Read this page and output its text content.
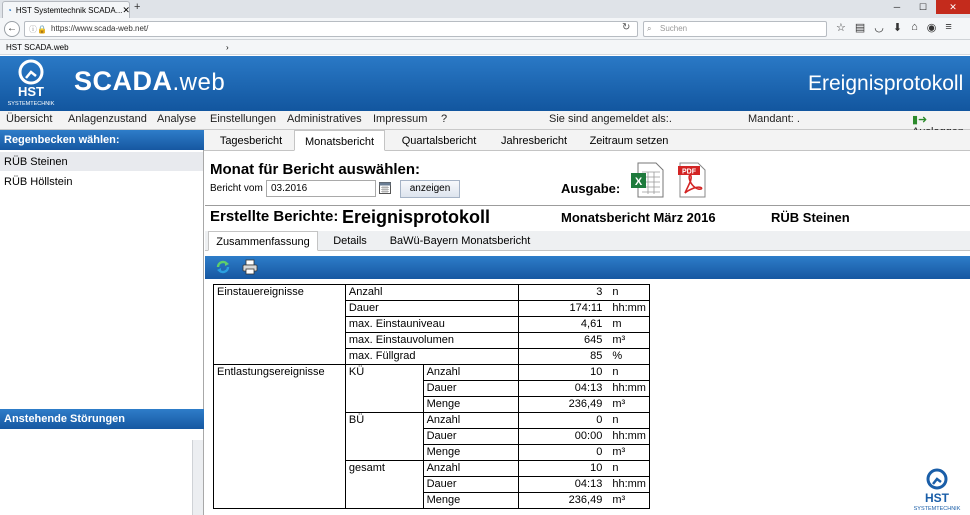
◔ HST Systemtechnik SCADA... ✕ +	─	☐	✕
←	ⓘ🔒 https://www.scada-web.net/	↻ ⌕ Suchen	☆ ▤ ◡ ⬇ ⌂ ◉ ≡
HST SCADA.web	›
HST
SYSTEMTECHNIK
SCADA.web	Ereignisprotokoll
Übersicht Anlagenzustand Analyse Einstellungen Administratives Impressum ?	Sie sind angemeldet als:.	Mandant: .	▮➜
Regenbecken wählen:
RÜB Steinen
RÜB Höllstein
Anstehende Störungen
Tagesbericht	Monatsbericht	Quartalsbericht	Jahresbericht	Zeitraum setzen
Monat für Bericht auswählen:
Bericht vom 03.2016	anzeigen	Ausgabe: X
PDF
Erstellte Berichte: Ereignisprotokoll	Monatsbericht März 2016	RÜB Steinen
Zusammenfassung	Details	BaWü-Bayern Monatsbericht
Einstauereignisse	Anzahl		3	n
	Dauer		174:11	hh:mm
	max. Einstauniveau		4,61	m
	max. Einstauvolumen		645	m³
	max. Füllgrad		85	%
Entlastungsereignisse	KÜ	Anzahl	10	n
		Dauer	04:13	hh:mm
		Menge	236,49	m³
	BÜ	Anzahl	0	n
		Dauer	00:00	hh:mm
		Menge	0	m³
	gesamt	Anzahl	10	n
		Dauer	04:13	hh:mm
		Menge	236,49	m³	HST
SYSTEMTECHNIK
